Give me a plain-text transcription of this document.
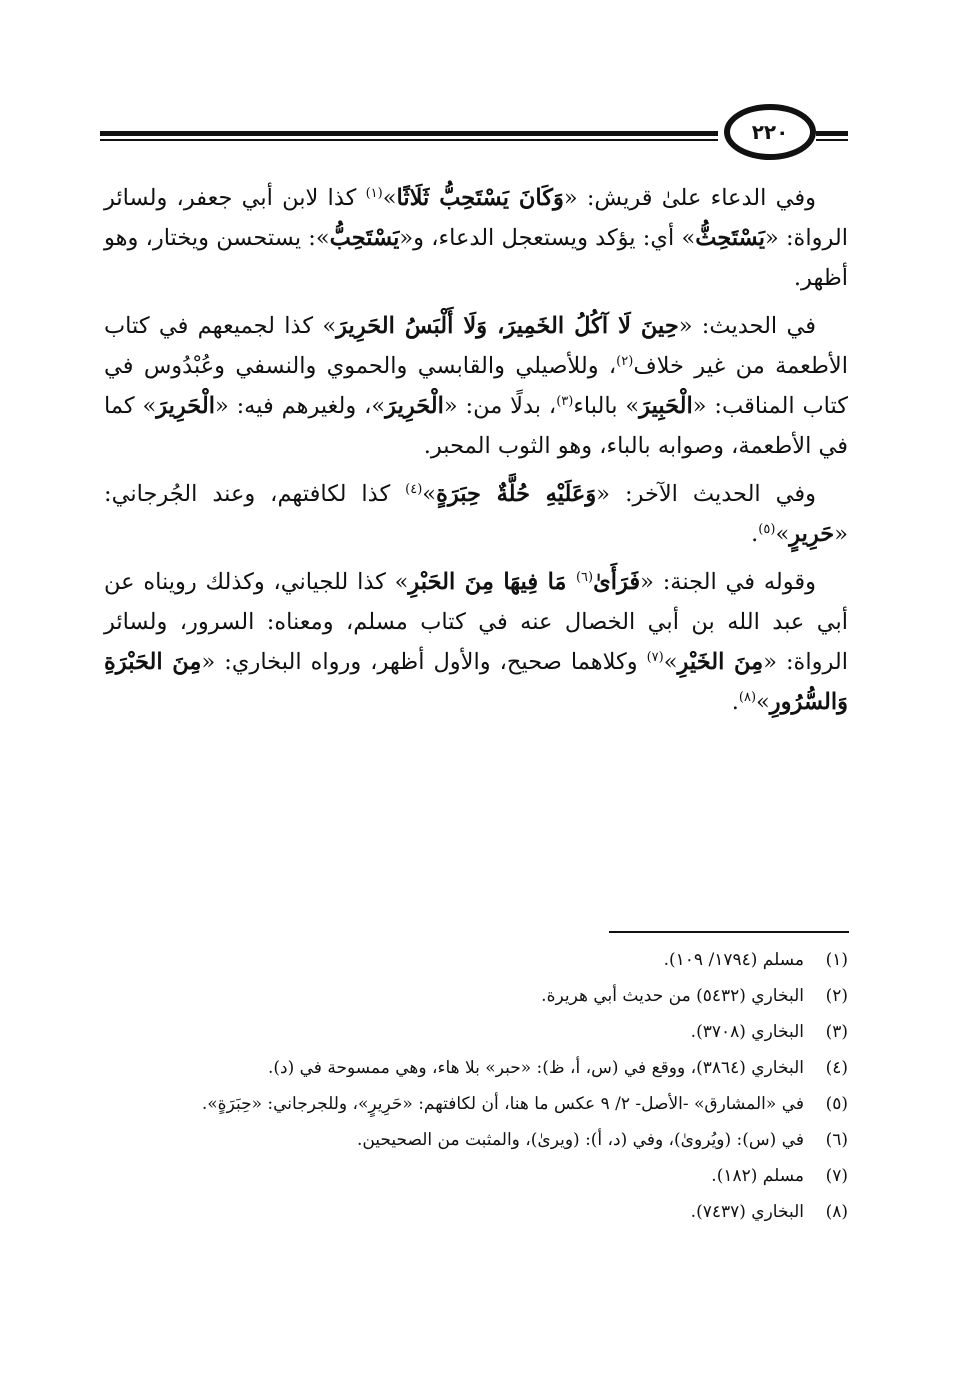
٢٢٠

وفي الدعاء علىٰ قريش: «وَكَانَ يَسْتَحِبُّ ثَلَاثًا»$^{(١)}$ كذا لابن أبي جعفر، ولسائر الرواة: «يَسْتَحِثُّ» أي: يؤكد ويستعجل الدعاء، و«يَسْتَحِبُّ»: يستحسن ويختار، وهو أظهر.

في الحديث: «حِينَ لَا آكُلُ الخَمِيرَ، وَلَا أَلْبَسُ الحَرِيرَ» كذا لجميعهم في كتاب الأطعمة من غير خلاف$^{(٢)}$، وللأصيلي والقابسي والحموي والنسفي وعُبْدُوس في كتاب المناقب: «الْحَبِيرَ» بالباء$^{(٣)}$، بدلًا من: «الْحَرِيرَ»، ولغيرهم فيه: «الْحَرِيرَ» كما في الأطعمة، وصوابه بالباء، وهو الثوب المحبر.

وفي الحديث الآخر: «وَعَلَيْهِ حُلَّةٌ حِبَرَةٍ»$^{(٤)}$ كذا لكافتهم، وعند الجُرجاني: «حَرِيرٍ»$^{(٥)}$.

وقوله في الجنة: «فَرَأَىٰ$^{(٦)}$ مَا فِيهَا مِنَ الحَبْرِ» كذا للجياني، وكذلك رويناه عن أبي عبد الله بن أبي الخصال عنه في كتاب مسلم، ومعناه: السرور، ولسائر الرواة: «مِنَ الخَيْرِ»$^{(٧)}$ وكلاهما صحيح، والأول أظهر، ورواه البخاري: «مِنَ الحَبْرَةِ وَالسُّرُورِ»$^{(٨)}$.

(١)
مسلم (١٧٩٤/ ١٠٩).
(٢)
البخاري (٥٤٣٢) من حديث أبي هريرة.
(٣)
البخاري (٣٧٠٨).
(٤)
البخاري (٣٨٦٤)، ووقع في (س، أ، ظ): «حبر» بلا هاء، وهي ممسوحة في (د).
(٥)
في «المشارق» -الأصل- ٢/ ٩ عكس ما هنا، أن لكافتهم: «حَرِيرٍ»، وللجرجاني: «حِبَرَةٍ».
(٦)
في (س): (ويُروىٰ)، وفي (د، أ): (ويرىٰ)، والمثبت من الصحيحين.
(٧)
مسلم (١٨٢).
(٨)
البخاري (٧٤٣٧).
